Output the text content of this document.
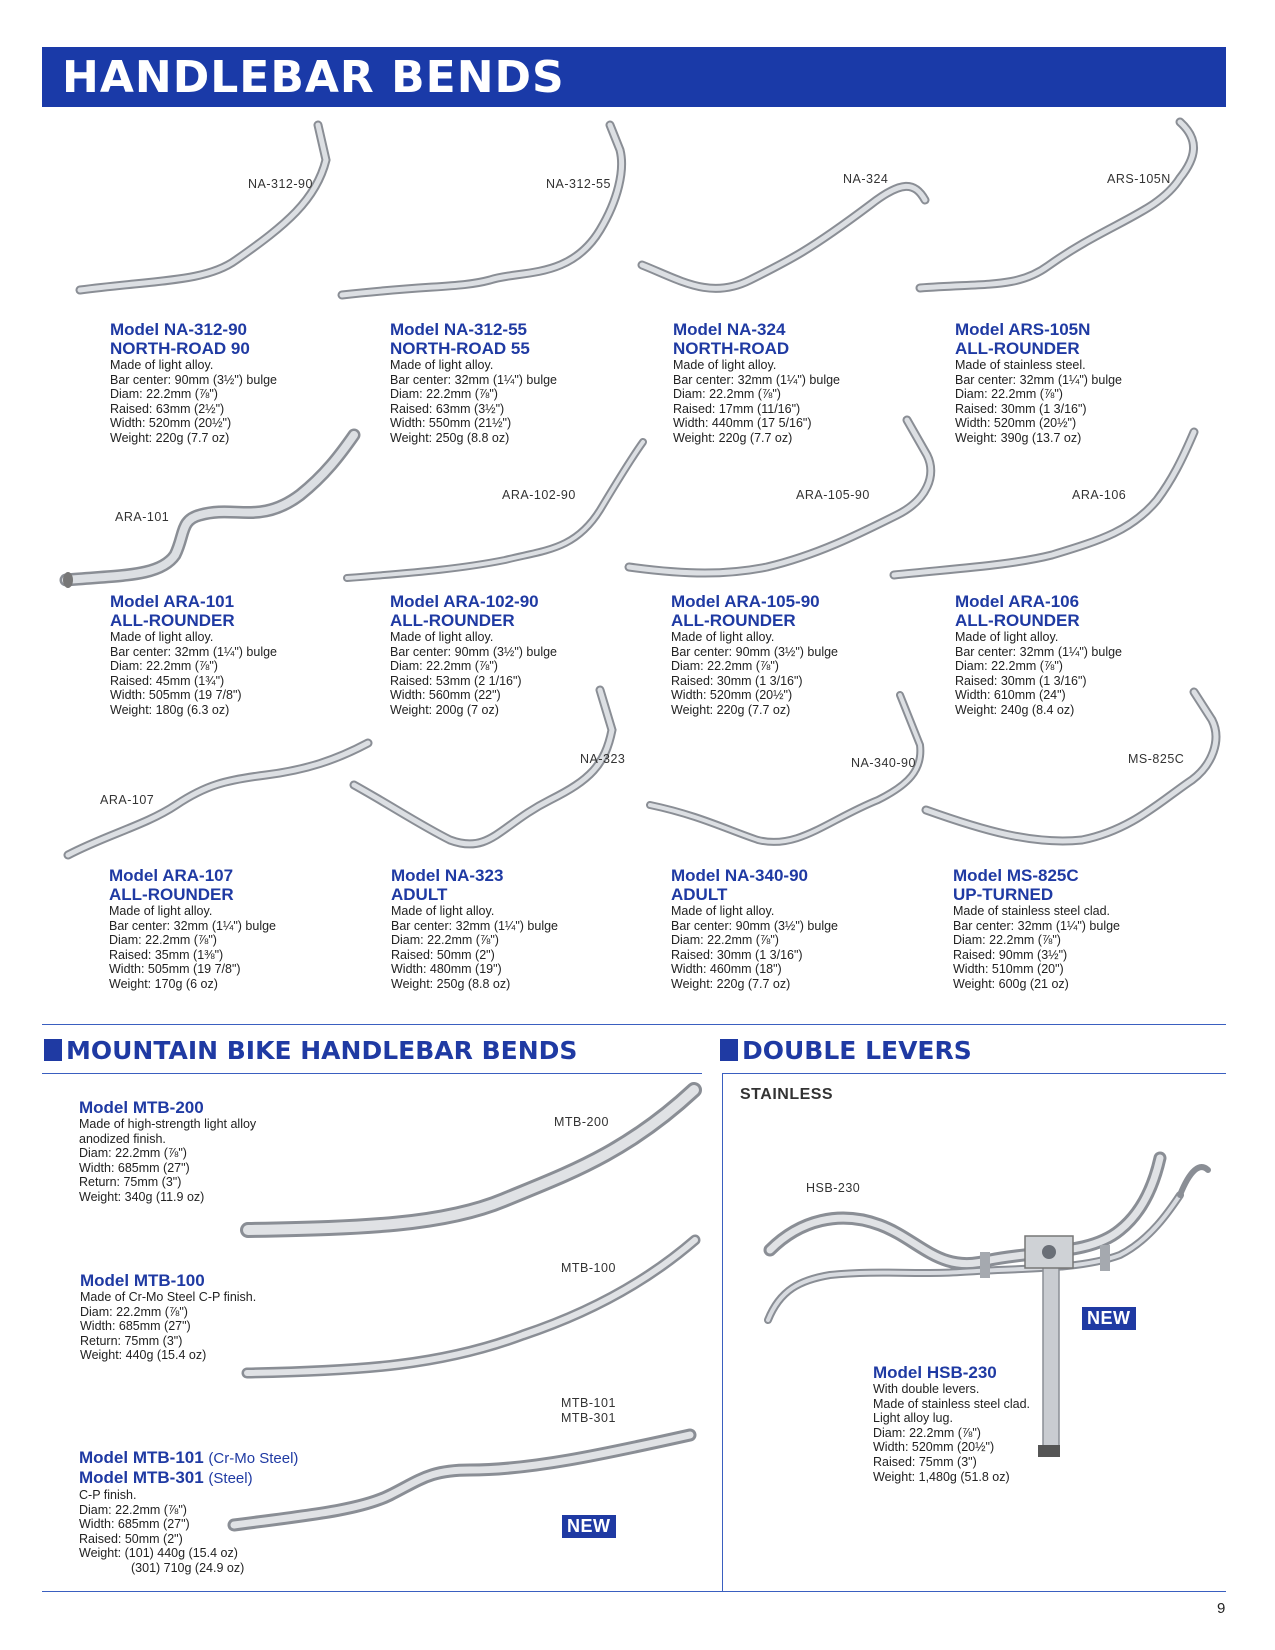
HANDLEBAR BENDS
NA-312-90	NA-312-55	NA-324	ARS-105N
Model NA-312-90
NORTH-ROAD 90
Made of light alloy.
Bar center: 90mm (3½") bulge
Diam: 22.2mm (⅞")
Raised: 63mm (2½")
Width: 520mm (20½")
Weight: 220g (7.7 oz)
Model NA-312-55
NORTH-ROAD 55
Made of light alloy.
Bar center: 32mm (1¼") bulge
Diam: 22.2mm (⅞")
Raised: 63mm (3½")
Width: 550mm (21½")
Weight: 250g (8.8 oz)
Model NA-324
NORTH-ROAD
Made of light alloy.
Bar center: 32mm (1¼") bulge
Diam: 22.2mm (⅞")
Raised: 17mm (11/16")
Width: 440mm (17 5/16")
Weight: 220g (7.7 oz)
Model ARS-105N
ALL-ROUNDER
Made of stainless steel.
Bar center: 32mm (1¼") bulge
Diam: 22.2mm (⅞")
Raised: 30mm (1 3/16")
Width: 520mm (20½")
Weight: 390g (13.7 oz)
ARA-101
ARA-102-90	ARA-105-90	ARA-106
Model ARA-101
ALL-ROUNDER
Made of light alloy.
Bar center: 32mm (1¼") bulge
Diam: 22.2mm (⅞")
Raised: 45mm (1¾")
Width: 505mm (19 7/8")
Weight: 180g (6.3 oz)
Model ARA-102-90
ALL-ROUNDER
Made of light alloy.
Bar center: 90mm (3½") bulge
Diam: 22.2mm (⅞")
Raised: 53mm (2 1/16")
Width: 560mm (22")
Weight: 200g (7 oz)
Model ARA-105-90
ALL-ROUNDER
Made of light alloy.
Bar center: 90mm (3½") bulge
Diam: 22.2mm (⅞")
Raised: 30mm (1 3/16")
Width: 520mm (20½")
Weight: 220g (7.7 oz)
Model ARA-106
ALL-ROUNDER
Made of light alloy.
Bar center: 32mm (1¼") bulge
Diam: 22.2mm (⅞")
Raised: 30mm (1 3/16")
Width: 610mm (24")
Weight: 240g (8.4 oz)
ARA-107
NA-323	NA-340-90	MS-825C
Model ARA-107
ALL-ROUNDER
Made of light alloy.
Bar center: 32mm (1¼") bulge
Diam: 22.2mm (⅞")
Raised: 35mm (1⅜")
Width: 505mm (19 7/8")
Weight: 170g (6 oz)
Model NA-323
ADULT
Made of light alloy.
Bar center: 32mm (1¼") bulge
Diam: 22.2mm (⅞")
Raised: 50mm (2")
Width: 480mm (19")
Weight: 250g (8.8 oz)
Model NA-340-90
ADULT
Made of light alloy.
Bar center: 90mm (3½") bulge
Diam: 22.2mm (⅞")
Raised: 30mm (1 3/16")
Width: 460mm (18")
Weight: 220g (7.7 oz)
Model MS-825C
UP-TURNED
Made of stainless steel clad.
Bar center: 32mm (1¼") bulge
Diam: 22.2mm (⅞")
Raised: 90mm (3½")
Width: 510mm (20")
Weight: 600g (21 oz)
MOUNTAIN BIKE HANDLEBAR BENDS	DOUBLE LEVERS
Model MTB-200
Made of high-strength light alloy
anodized finish.
Diam: 22.2mm (⅞")
Width: 685mm (27")
Return: 75mm (3")
Weight: 340g (11.9 oz)
MTB-200
Model MTB-100
Made of Cr-Mo Steel C-P finish.
Diam: 22.2mm (⅞")
Width: 685mm (27")
Return: 75mm (3")
Weight: 440g (15.4 oz)
MTB-100
MTB-101
MTB-301
Model MTB-101 (Cr-Mo Steel)
Model MTB-301 (Steel)
C-P finish.
Diam: 22.2mm (⅞")
Width: 685mm (27")
Raised: 50mm (2")
Weight: (101) 440g (15.4 oz)
(301) 710g (24.9 oz)
NEW
STAINLESS
HSB-230
NEW
Model HSB-230
With double levers.
Made of stainless steel clad.
Light alloy lug.
Diam: 22.2mm (⅞")
Width: 520mm (20½")
Raised: 75mm (3")
Weight: 1,480g (51.8 oz)
9
